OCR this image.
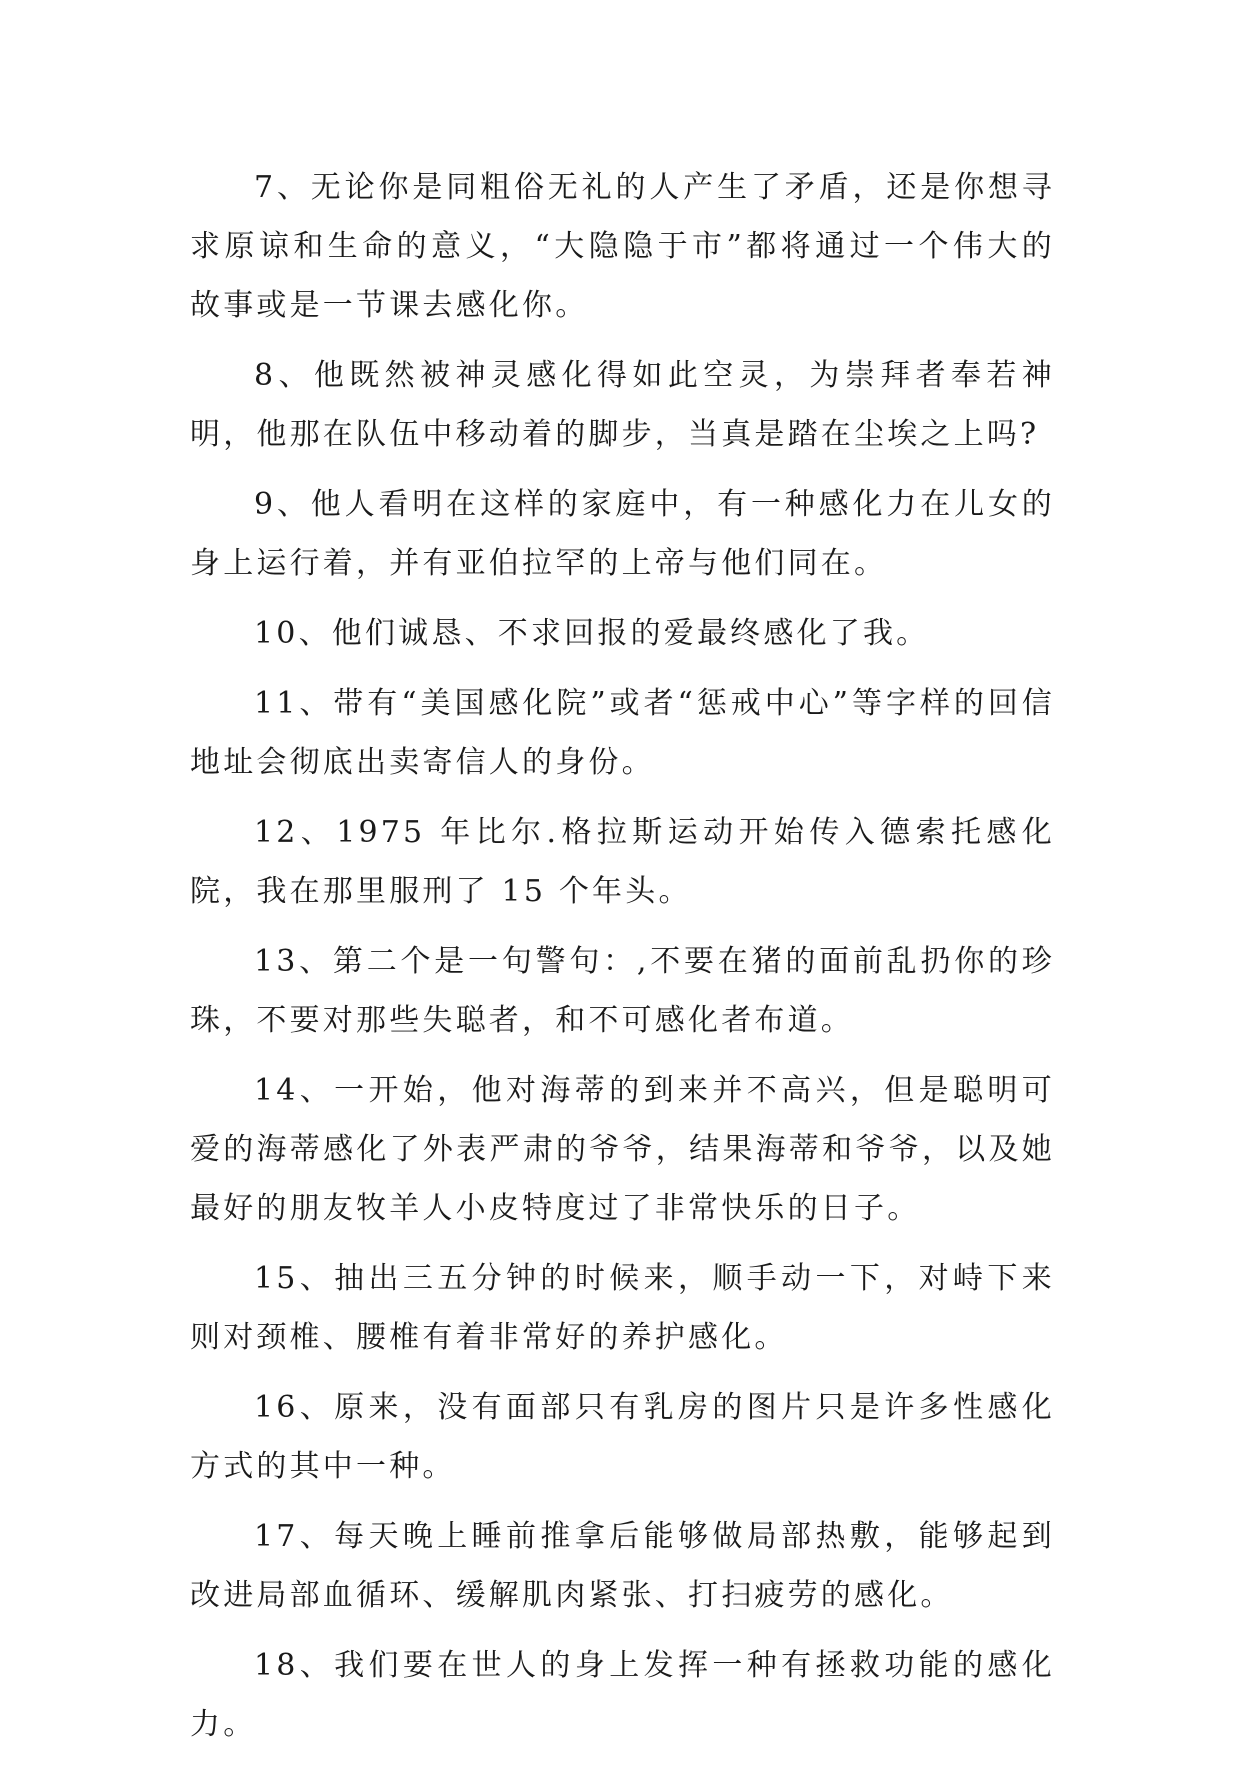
7、无论你是同粗俗无礼的人产生了矛盾，还是你想寻求原谅和生命的意义，“大隐隐于市”都将通过一个伟大的故事或是一节课去感化你。

8、他既然被神灵感化得如此空灵，为崇拜者奉若神明，他那在队伍中移动着的脚步，当真是踏在尘埃之上吗?

9、他人看明在这样的家庭中，有一种感化力在儿女的身上运行着，并有亚伯拉罕的上帝与他们同在。

10、他们诚恳、不求回报的爱最终感化了我。

11、带有“美国感化院”或者“惩戒中心”等字样的回信地址会彻底出卖寄信人的身份。

12、1975 年比尔.格拉斯运动开始传入德索托感化院，我在那里服刑了 15 个年头。

13、第二个是一句警句：,不要在猪的面前乱扔你的珍珠，不要对那些失聪者，和不可感化者布道。

14、一开始，他对海蒂的到来并不高兴，但是聪明可爱的海蒂感化了外表严肃的爷爷，结果海蒂和爷爷，以及她最好的朋友牧羊人小皮特度过了非常快乐的日子。

15、抽出三五分钟的时候来，顺手动一下，对峙下来则对颈椎、腰椎有着非常好的养护感化。

16、原来，没有面部只有乳房的图片只是许多性感化方式的其中一种。

17、每天晚上睡前推拿后能够做局部热敷，能够起到改进局部血循环、缓解肌肉紧张、打扫疲劳的感化。

18、我们要在世人的身上发挥一种有拯救功能的感化力。
